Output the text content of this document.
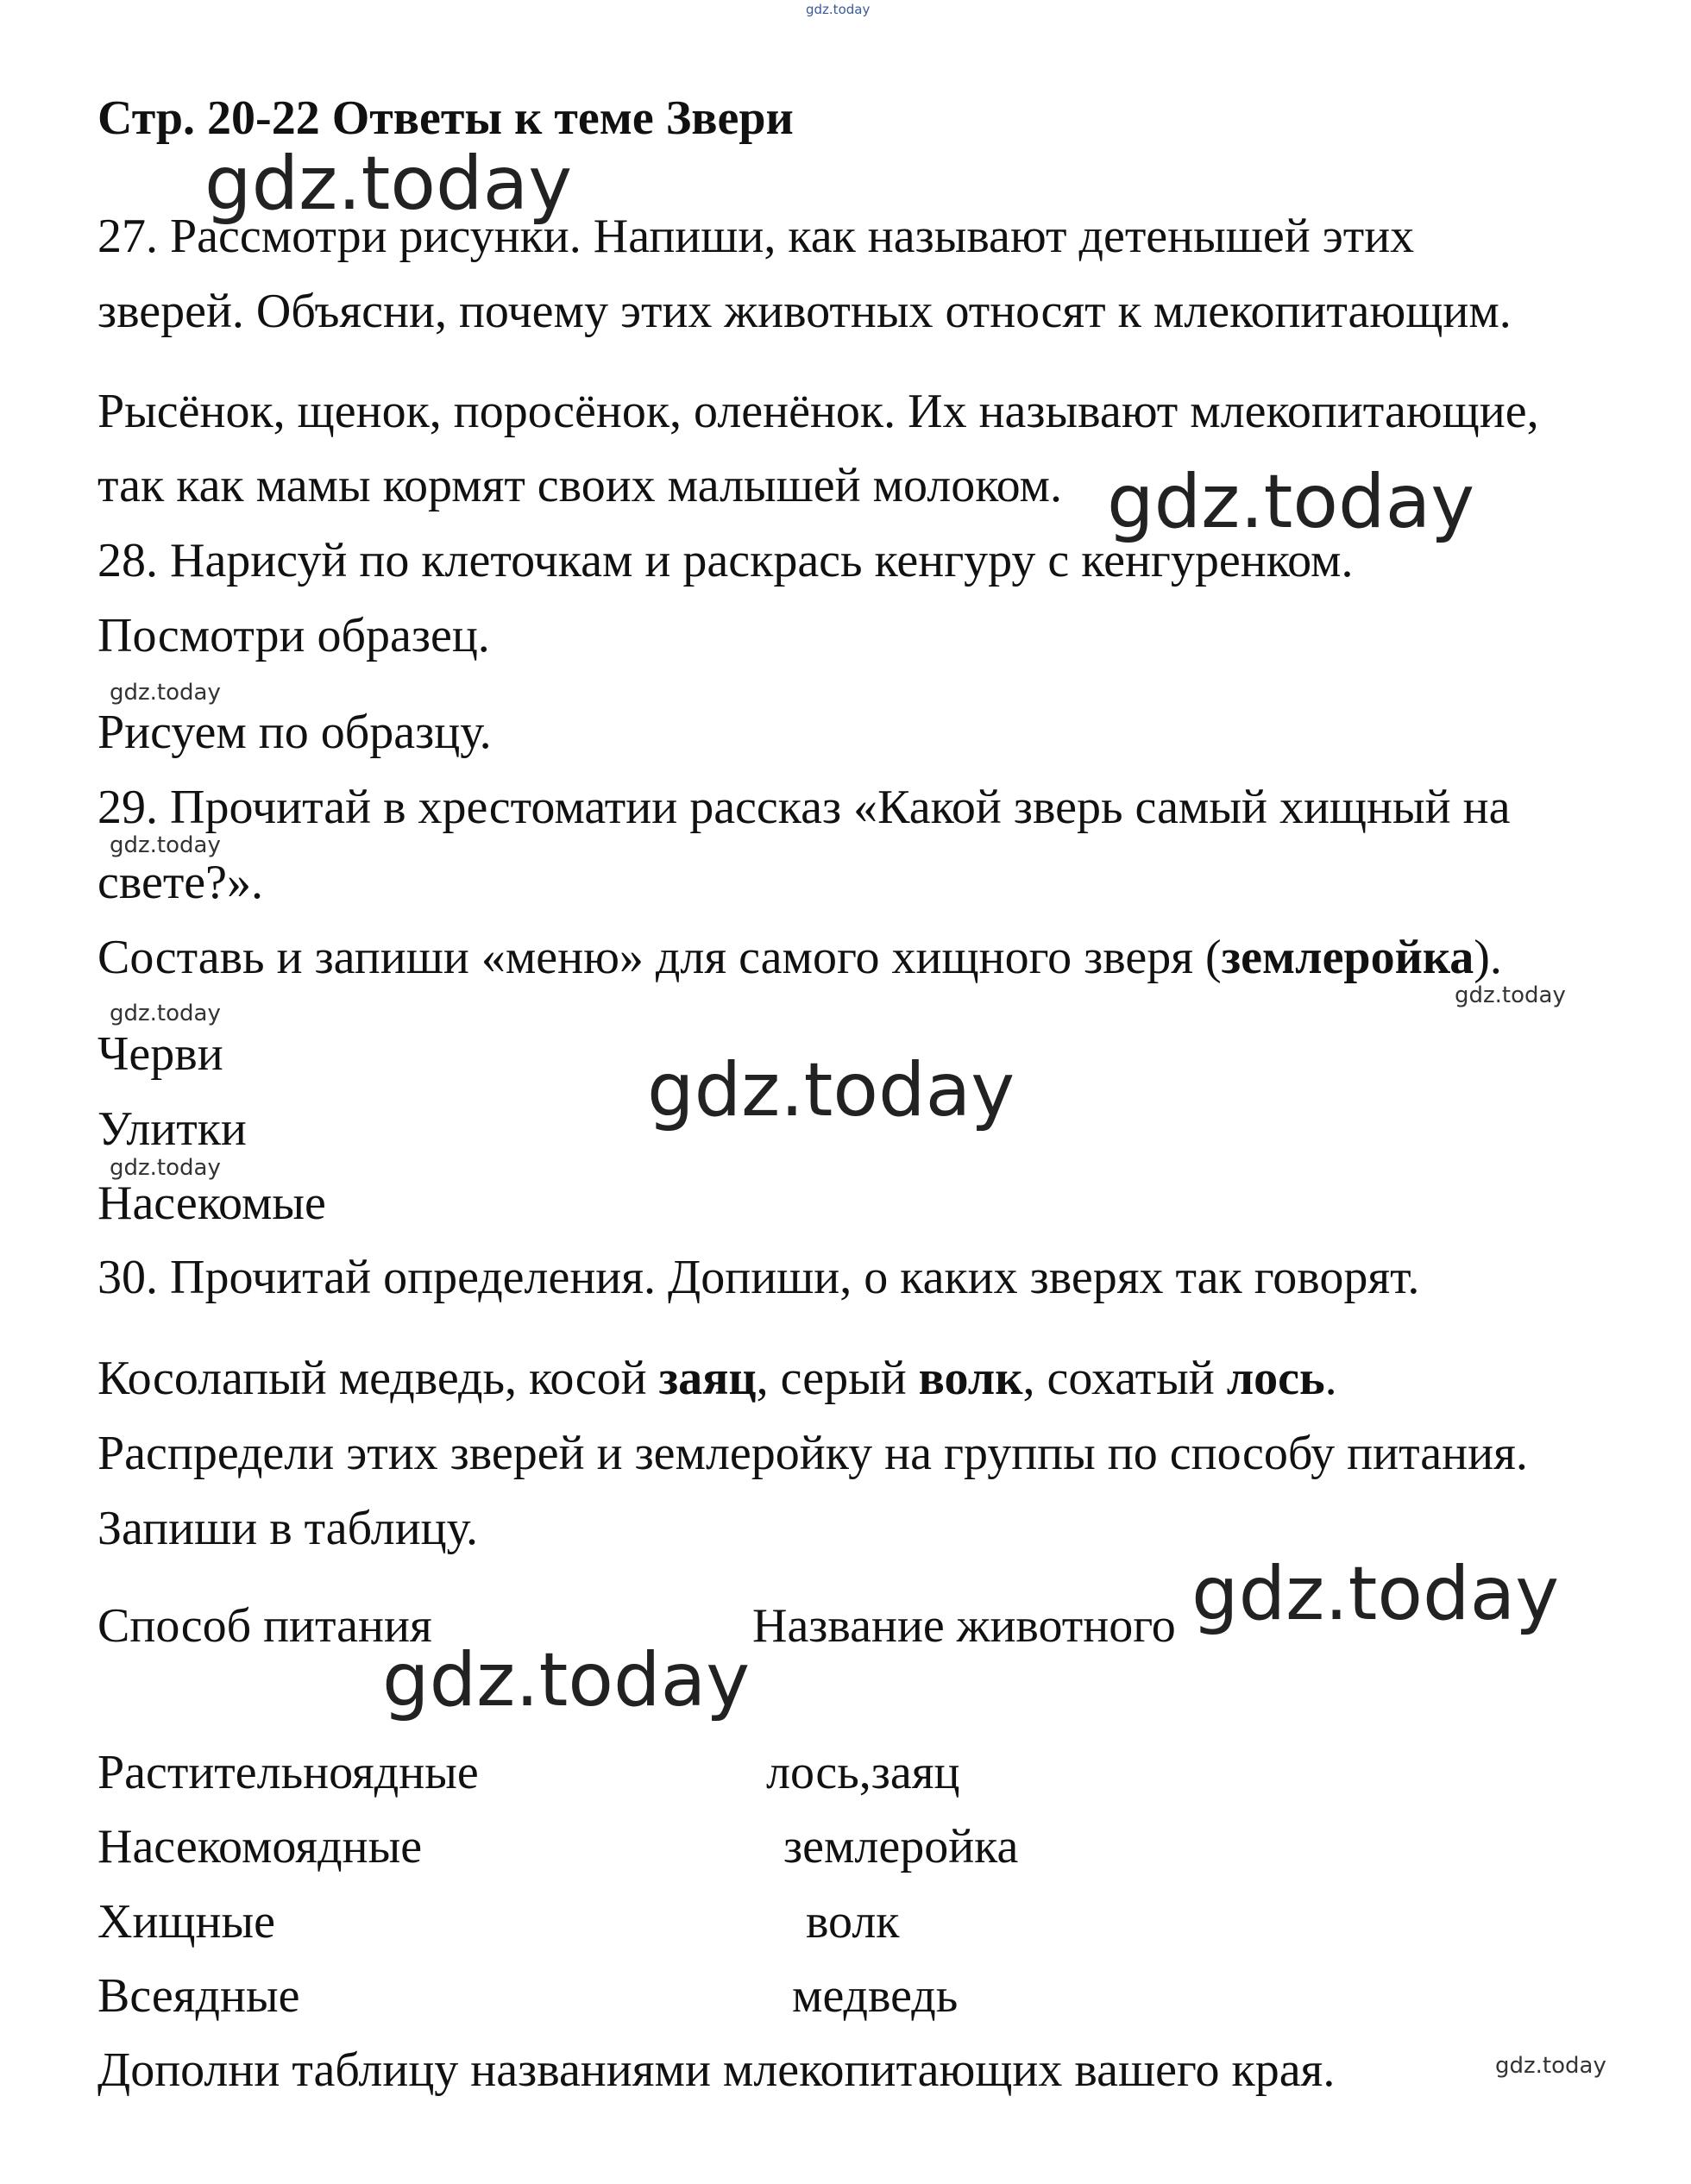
gdz.today
Стр. 20-22 Ответы к теме Звери
gdz.today
27. Рассмотри рисунки. Напиши, как называют детенышей этих
зверей. Объясни, почему этих животных относят к млекопитающим.
Рысёнок, щенок, поросёнок, оленёнок. Их называют млекопитающие,
так как мамы кормят своих малышей молоком. gdz.today
28. Нарисуй по клеточкам и раскрась кенгуру с кенгуренком.
Посмотри образец.
gdz.today
Рисуем по образцу.
29. Прочитай в хрестоматии рассказ «Какой зверь самый хищный на
gdz.today
свете?».
Составь и запиши «меню» для самого хищного зверя (землеройка).
gdz.today
gdz.today
Черви	gdz.today
Улитки
gdz.today
Насекомые
30. Прочитай определения. Допиши, о каких зверях так говорят.
Косолапый медведь, косой заяц, серый волк, сохатый лось.
Распредели этих зверей и землеройку на группы по способу питания.
Запиши в таблицу.
Способ питания	Название животного gdz.today
gdz.today
Растительноядные	лось,заяц
Насекомоядные	землеройка
Хищные	волк
Всеядные	медведь
Дополни таблицу названиями млекопитающих вашего края.	gdz.today
